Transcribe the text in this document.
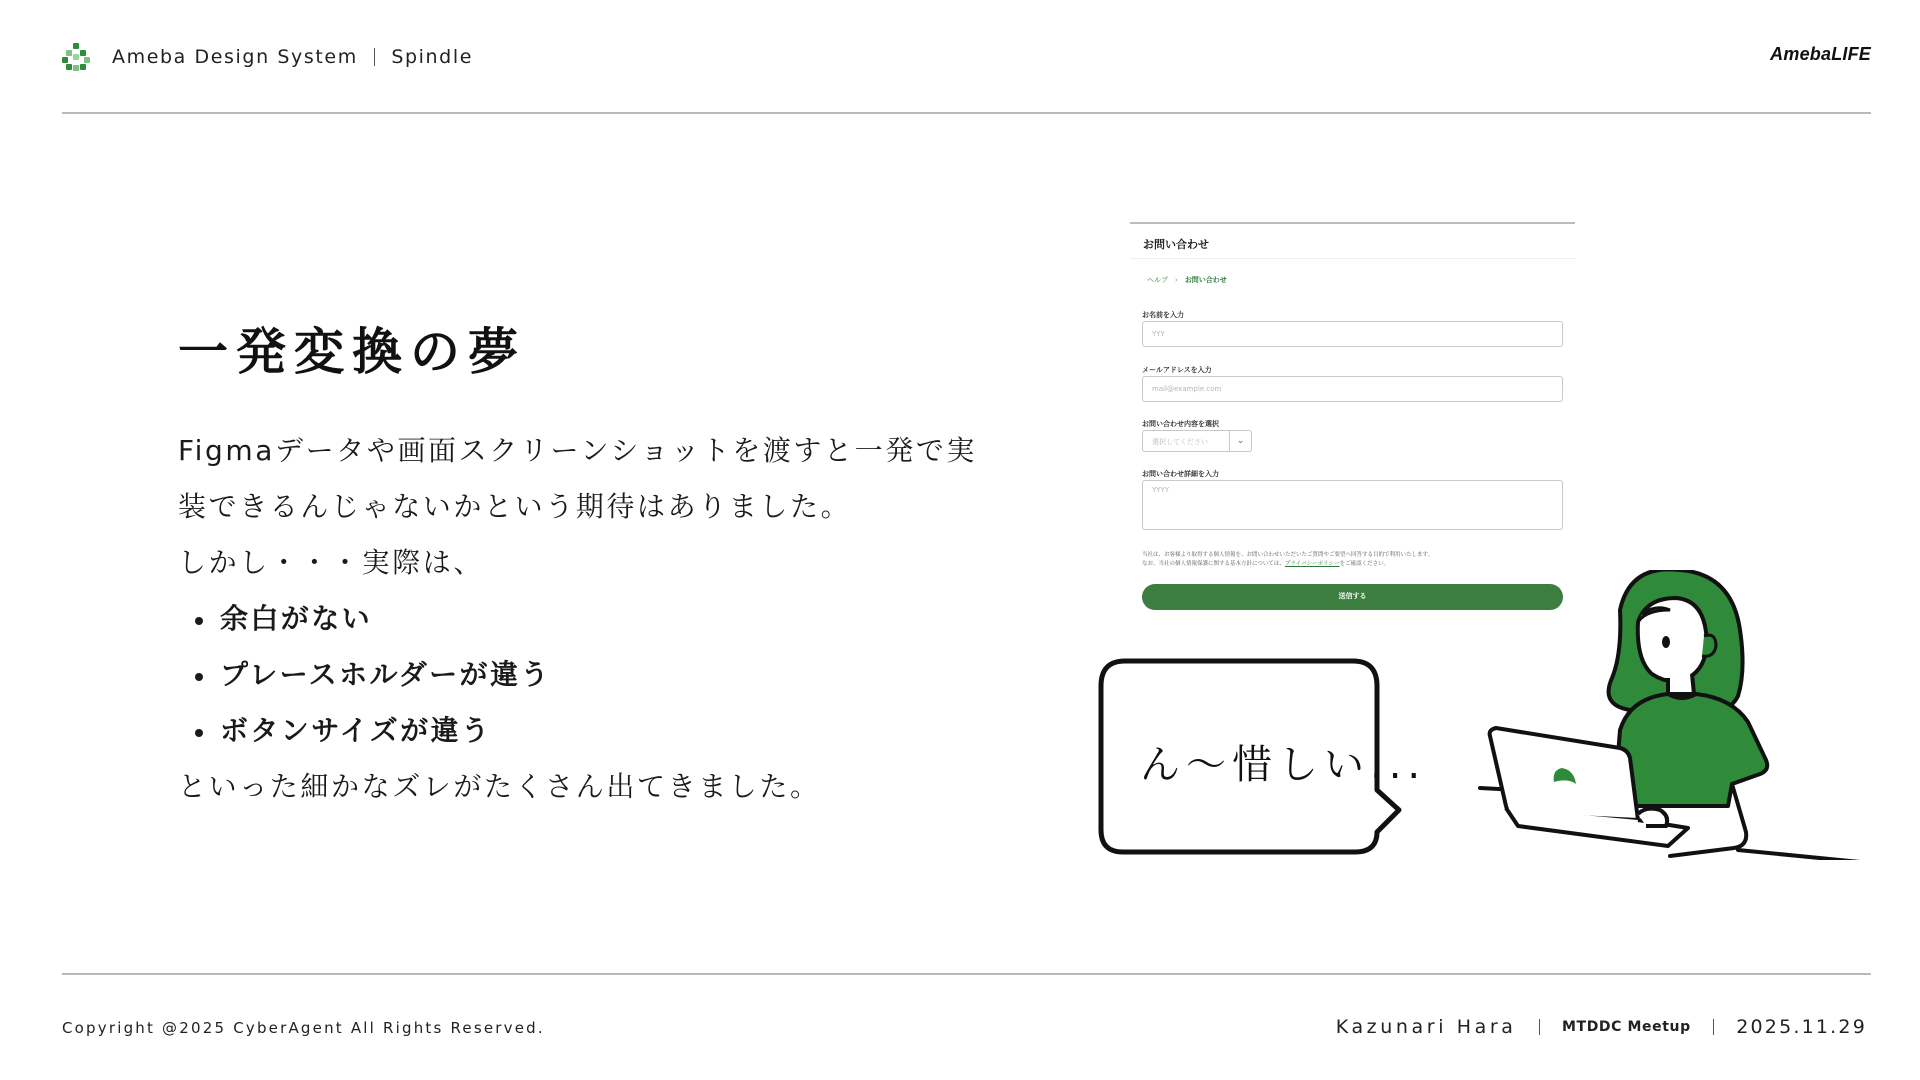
Ameba Design System Spindle	AmebaLIFE
一発変換の夢

Figmaデータや画面スクリーンショットを渡すと一発で実装できるんじゃないかという期待はありました。

しかし・・・実際は、

余白がない
プレースホルダーが違う
ボタンサイズが違う

といった細かなズレがたくさん出てきました。

お問い合わせ
ヘルプ › お問い合わせ
お名前を入力
YYY
メールアドレスを入力
mail@example.com
お問い合わせ内容を選択
選択してください	⌄
お問い合わせ詳細を入力
YYYY
当社は、お客様より取得する個人情報を、お問い合わせいただいたご質問やご要望へ回答する目的で利用いたします。
なお、当社の個人情報保護に関する基本方針については、プライバシーポリシーをご確認ください。
送信する
ん〜惜しい...
Copyright @2025 CyberAgent All Rights Reserved.	Kazunari Hara	MTDDC Meetup 2025.11.29
